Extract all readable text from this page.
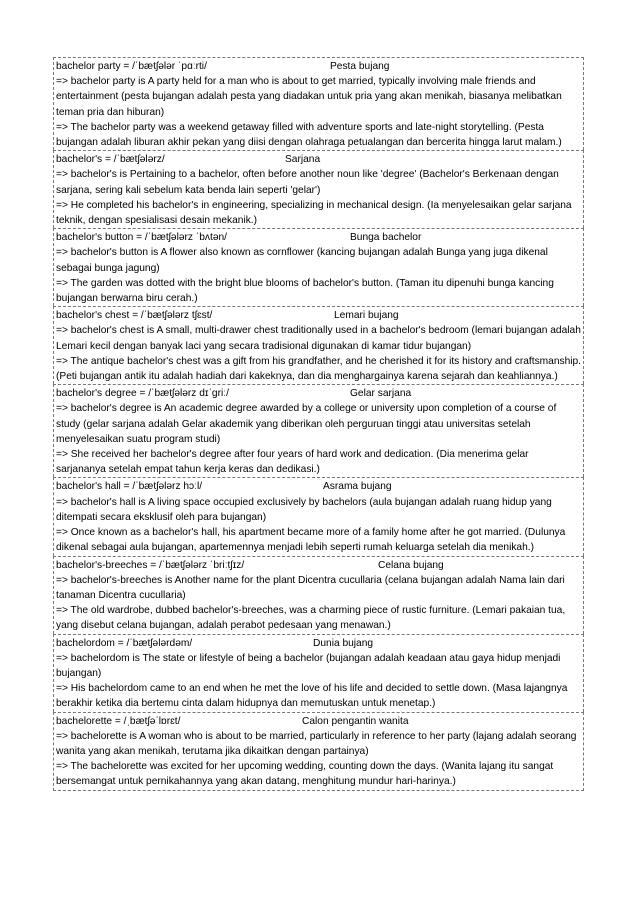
bachelor party = /ˈbætʃələr ˈpɑːrti/	Pesta bujang

=> bachelor party is A party held for a man who is about to get married, typically involving male friends and entertainment (pesta bujangan adalah pesta yang diadakan untuk pria yang akan menikah, biasanya melibatkan teman pria dan hiburan)

=> The bachelor party was a weekend getaway filled with adventure sports and late-night storytelling. (Pesta bujangan adalah liburan akhir pekan yang diisi dengan olahraga petualangan dan bercerita hingga larut malam.)

bachelor's = /ˈbætʃələrz/	Sarjana

=> bachelor's is Pertaining to a bachelor, often before another noun like 'degree' (Bachelor's Berkenaan dengan sarjana, sering kali sebelum kata benda lain seperti 'gelar')

=> He completed his bachelor's in engineering, specializing in mechanical design. (Ia menyelesaikan gelar sarjana teknik, dengan spesialisasi desain mekanik.)

bachelor's button = /ˈbætʃələrz ˈbʌtən/	Bunga bachelor

=> bachelor's button is A flower also known as cornflower (kancing bujangan adalah Bunga yang juga dikenal sebagai bunga jagung)

=> The garden was dotted with the bright blue blooms of bachelor's button. (Taman itu dipenuhi bunga kancing bujangan berwarna biru cerah.)

bachelor's chest = /ˈbætʃələrz tʃɛst/	Lemari bujang

=> bachelor's chest is A small, multi-drawer chest traditionally used in a bachelor's bedroom (lemari bujangan adalah Lemari kecil dengan banyak laci yang secara tradisional digunakan di kamar tidur bujangan)

=> The antique bachelor's chest was a gift from his grandfather, and he cherished it for its history and craftsmanship. (Peti bujangan antik itu adalah hadiah dari kakeknya, dan dia menghargainya karena sejarah dan keahliannya.)

bachelor's degree = /ˈbætʃələrz dɪˈɡriː/	Gelar sarjana

=> bachelor's degree is An academic degree awarded by a college or university upon completion of a course of study (gelar sarjana adalah Gelar akademik yang diberikan oleh perguruan tinggi atau universitas setelah menyelesaikan suatu program studi)

=> She received her bachelor's degree after four years of hard work and dedication. (Dia menerima gelar sarjananya setelah empat tahun kerja keras dan dedikasi.)

bachelor's hall = /ˈbætʃələrz hɔːl/	Asrama bujang

=> bachelor's hall is A living space occupied exclusively by bachelors (aula bujangan adalah ruang hidup yang ditempati secara eksklusif oleh para bujangan)

=> Once known as a bachelor's hall, his apartment became more of a family home after he got married. (Dulunya dikenal sebagai aula bujangan, apartemennya menjadi lebih seperti rumah keluarga setelah dia menikah.)

bachelor's-breeches = /ˈbætʃələrz ˈbriːtʃɪz/	Celana bujang

=> bachelor's-breeches is Another name for the plant Dicentra cucullaria (celana bujangan adalah Nama lain dari tanaman Dicentra cucullaria)

=> The old wardrobe, dubbed bachelor's-breeches, was a charming piece of rustic furniture. (Lemari pakaian tua, yang disebut celana bujangan, adalah perabot pedesaan yang menawan.)

bachelordom = /ˈbætʃələrdəm/	Dunia bujang

=> bachelordom is The state or lifestyle of being a bachelor (bujangan adalah keadaan atau gaya hidup menjadi bujangan)

=> His bachelordom came to an end when he met the love of his life and decided to settle down. (Masa lajangnya berakhir ketika dia bertemu cinta dalam hidupnya dan memutuskan untuk menetap.)

bachelorette = /ˌbætʃəˈlɒrɛt/	Calon pengantin wanita

=> bachelorette is A woman who is about to be married, particularly in reference to her party (lajang adalah seorang wanita yang akan menikah, terutama jika dikaitkan dengan partainya)

=> The bachelorette was excited for her upcoming wedding, counting down the days. (Wanita lajang itu sangat bersemangat untuk pernikahannya yang akan datang, menghitung mundur hari-harinya.)
